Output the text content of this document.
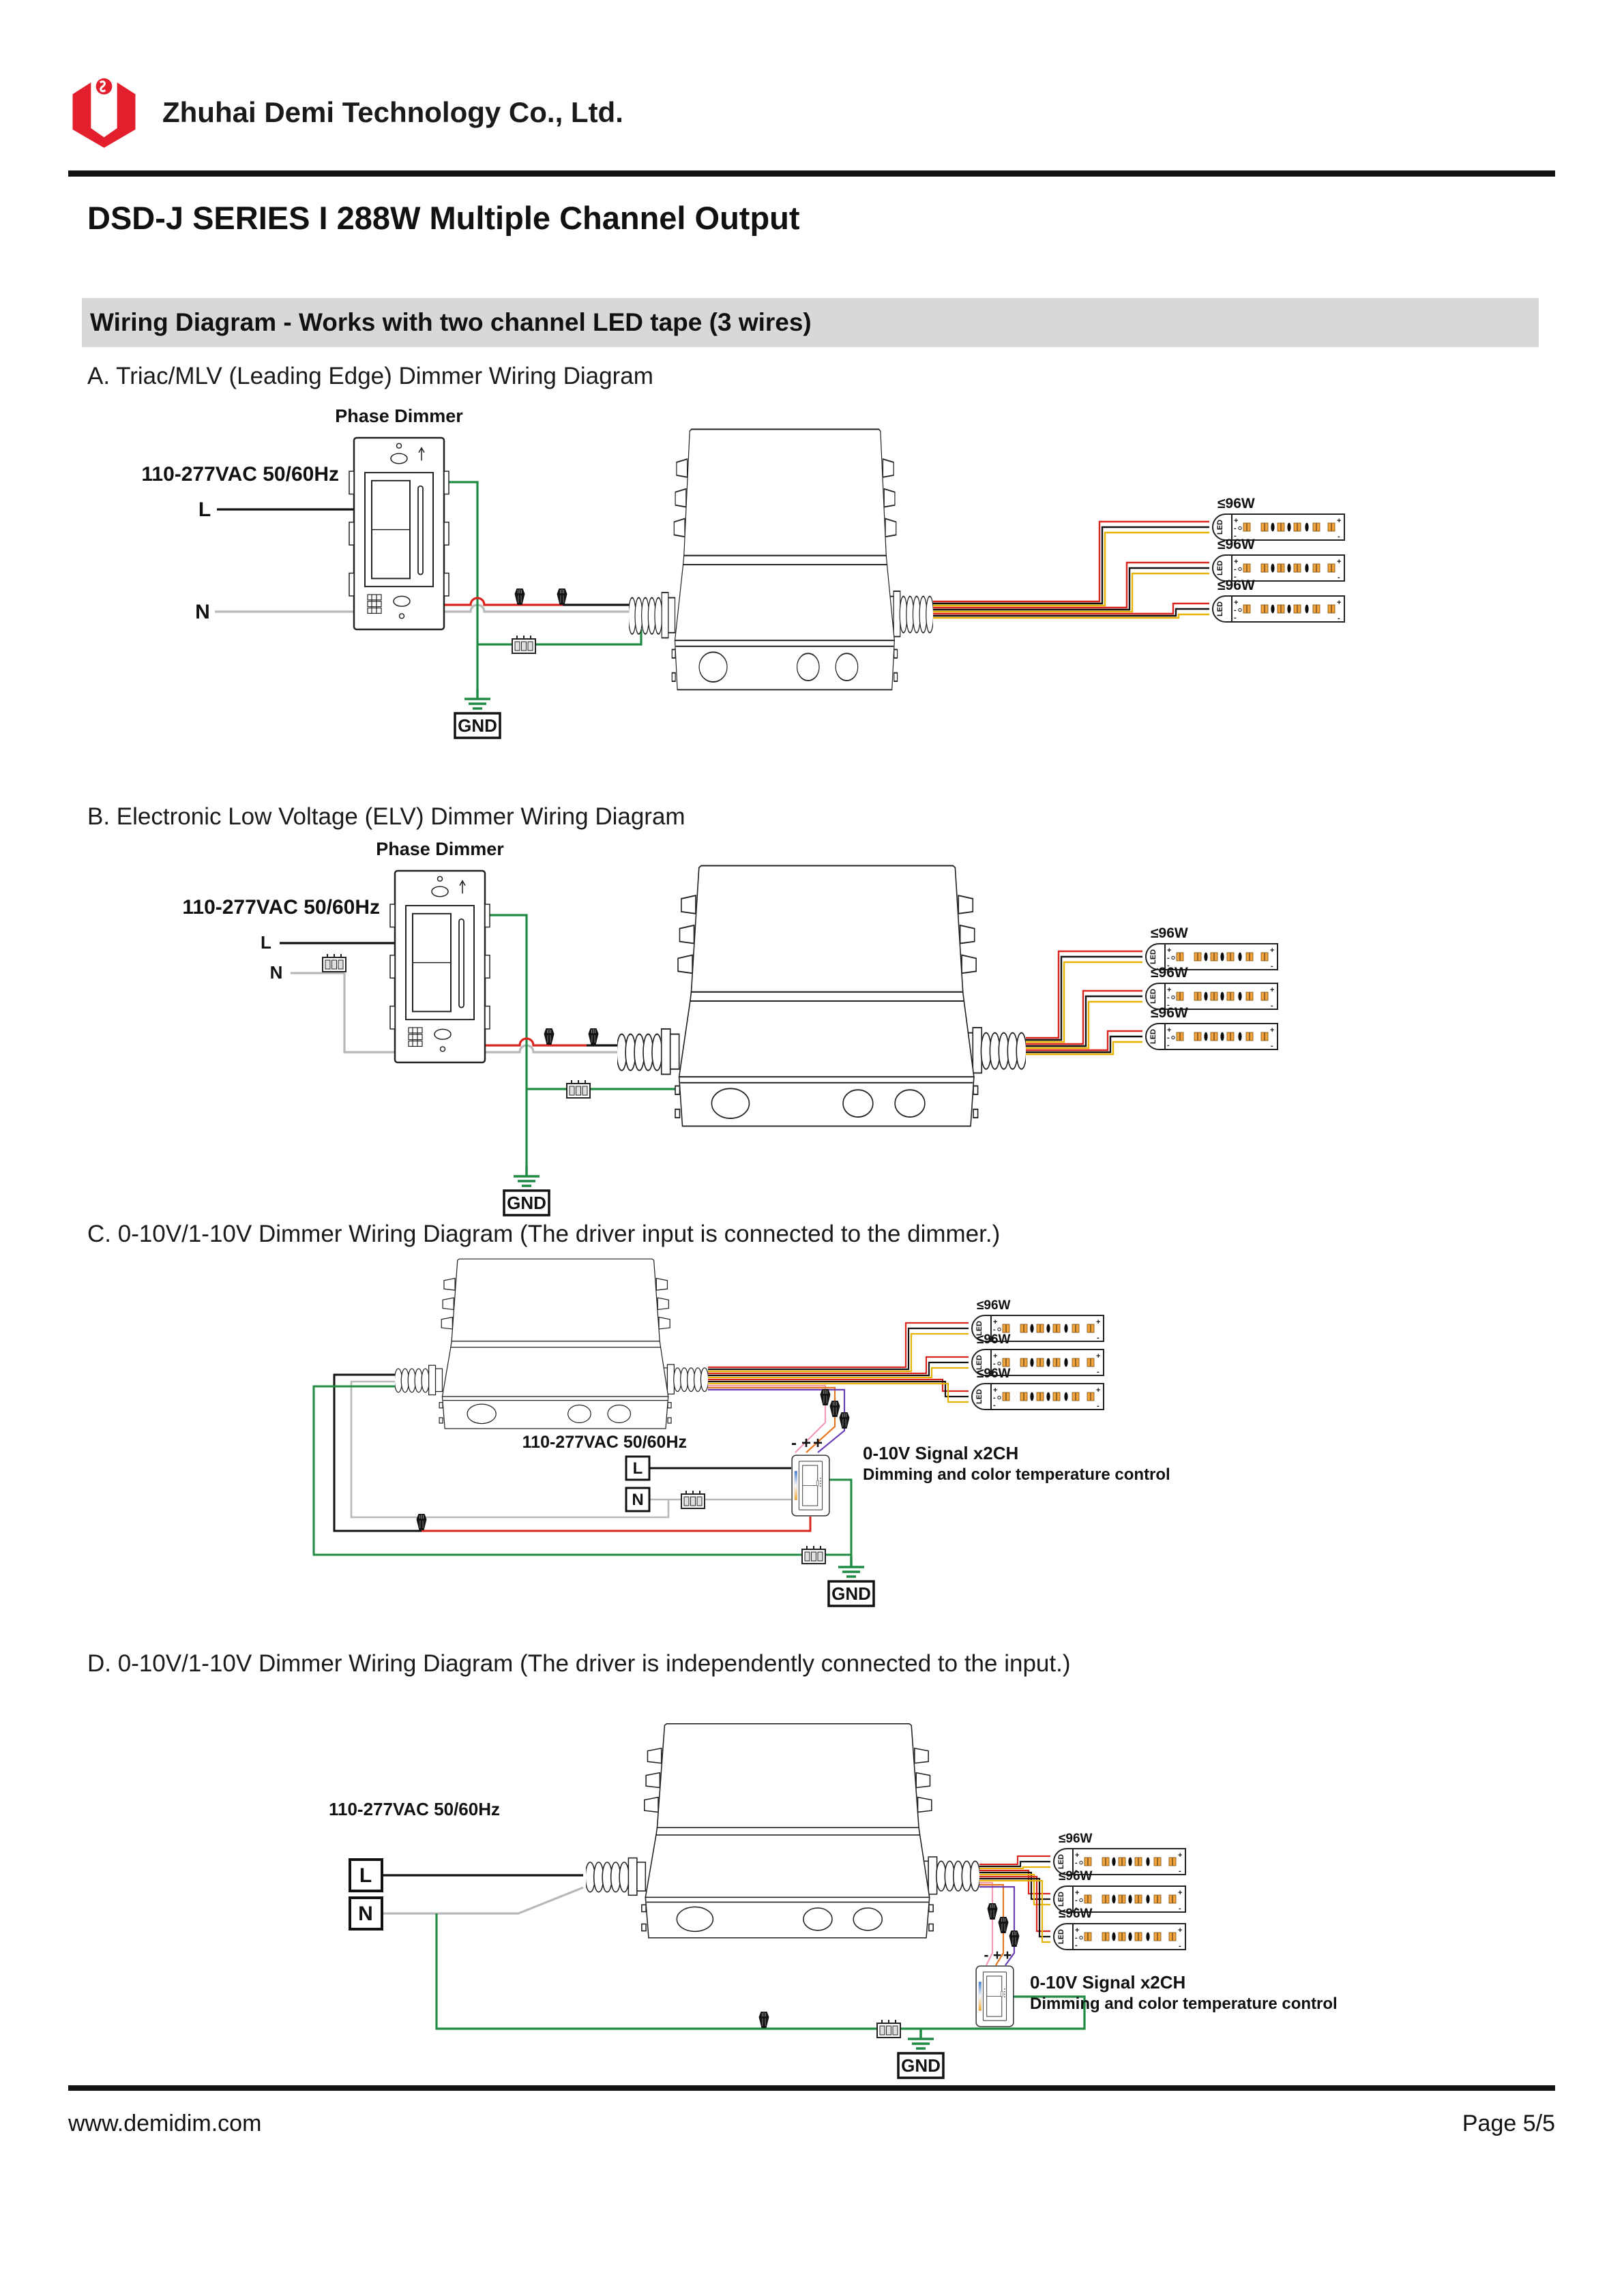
Zhuhai Demi Technology Co., Ltd.
DSD-J SERIES I 288W Multiple Channel Output
Wiring Diagram - Works with two channel LED tape (3 wires)
A. Triac/MLV (Leading Edge) Dimmer Wiring Diagram
Phase Dimmer
110-277VAC 50/60Hz
L
N
≤96W
≤96W
≤96W
B. Electronic Low Voltage (ELV) Dimmer Wiring Diagram
Phase Dimmer
110-277VAC 50/60Hz
L
N
≤96W
≤96W
≤96W
C. 0-10V/1-10V Dimmer Wiring Diagram (The driver input is connected to the dimmer.)
≤96W
≤96W
≤96W
110-277VAC 50/60Hz
L
N
- + + 0-10V Signal x2CH
Dimming and color temperature control
D. 0-10V/1-10V Dimmer Wiring Diagram (The driver is independently connected to the input.)
110-277VAC 50/60Hz
L
N
≤96W
≤96W
≤96W
- + +
0-10V Signal x2CH
Dimming and color temperature control
www.demidim.com	Page 5/5
